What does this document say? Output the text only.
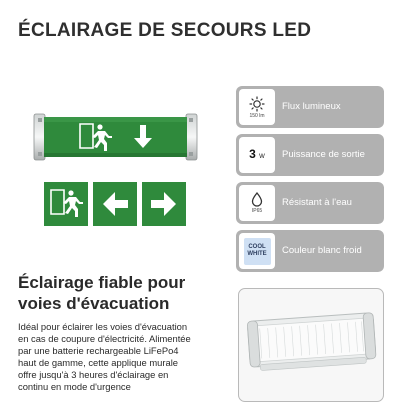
ÉCLAIRAGE DE SECOURS LED
150 lm
Flux lumineux
3 W Puissance de sortie
IP65
Résistant à l'eau
COOL
WHITE Couleur blanc froid
Éclairage fiable pour
voies d'évacuation

Idéal pour éclairer les voies d'évacuation
en cas de coupure d'électricité. Alimentée
par une batterie rechargeable LiFePo4
haut de gamme, cette applique murale
offre jusqu'à 3 heures d'éclairage en
continu en mode d'urgence
